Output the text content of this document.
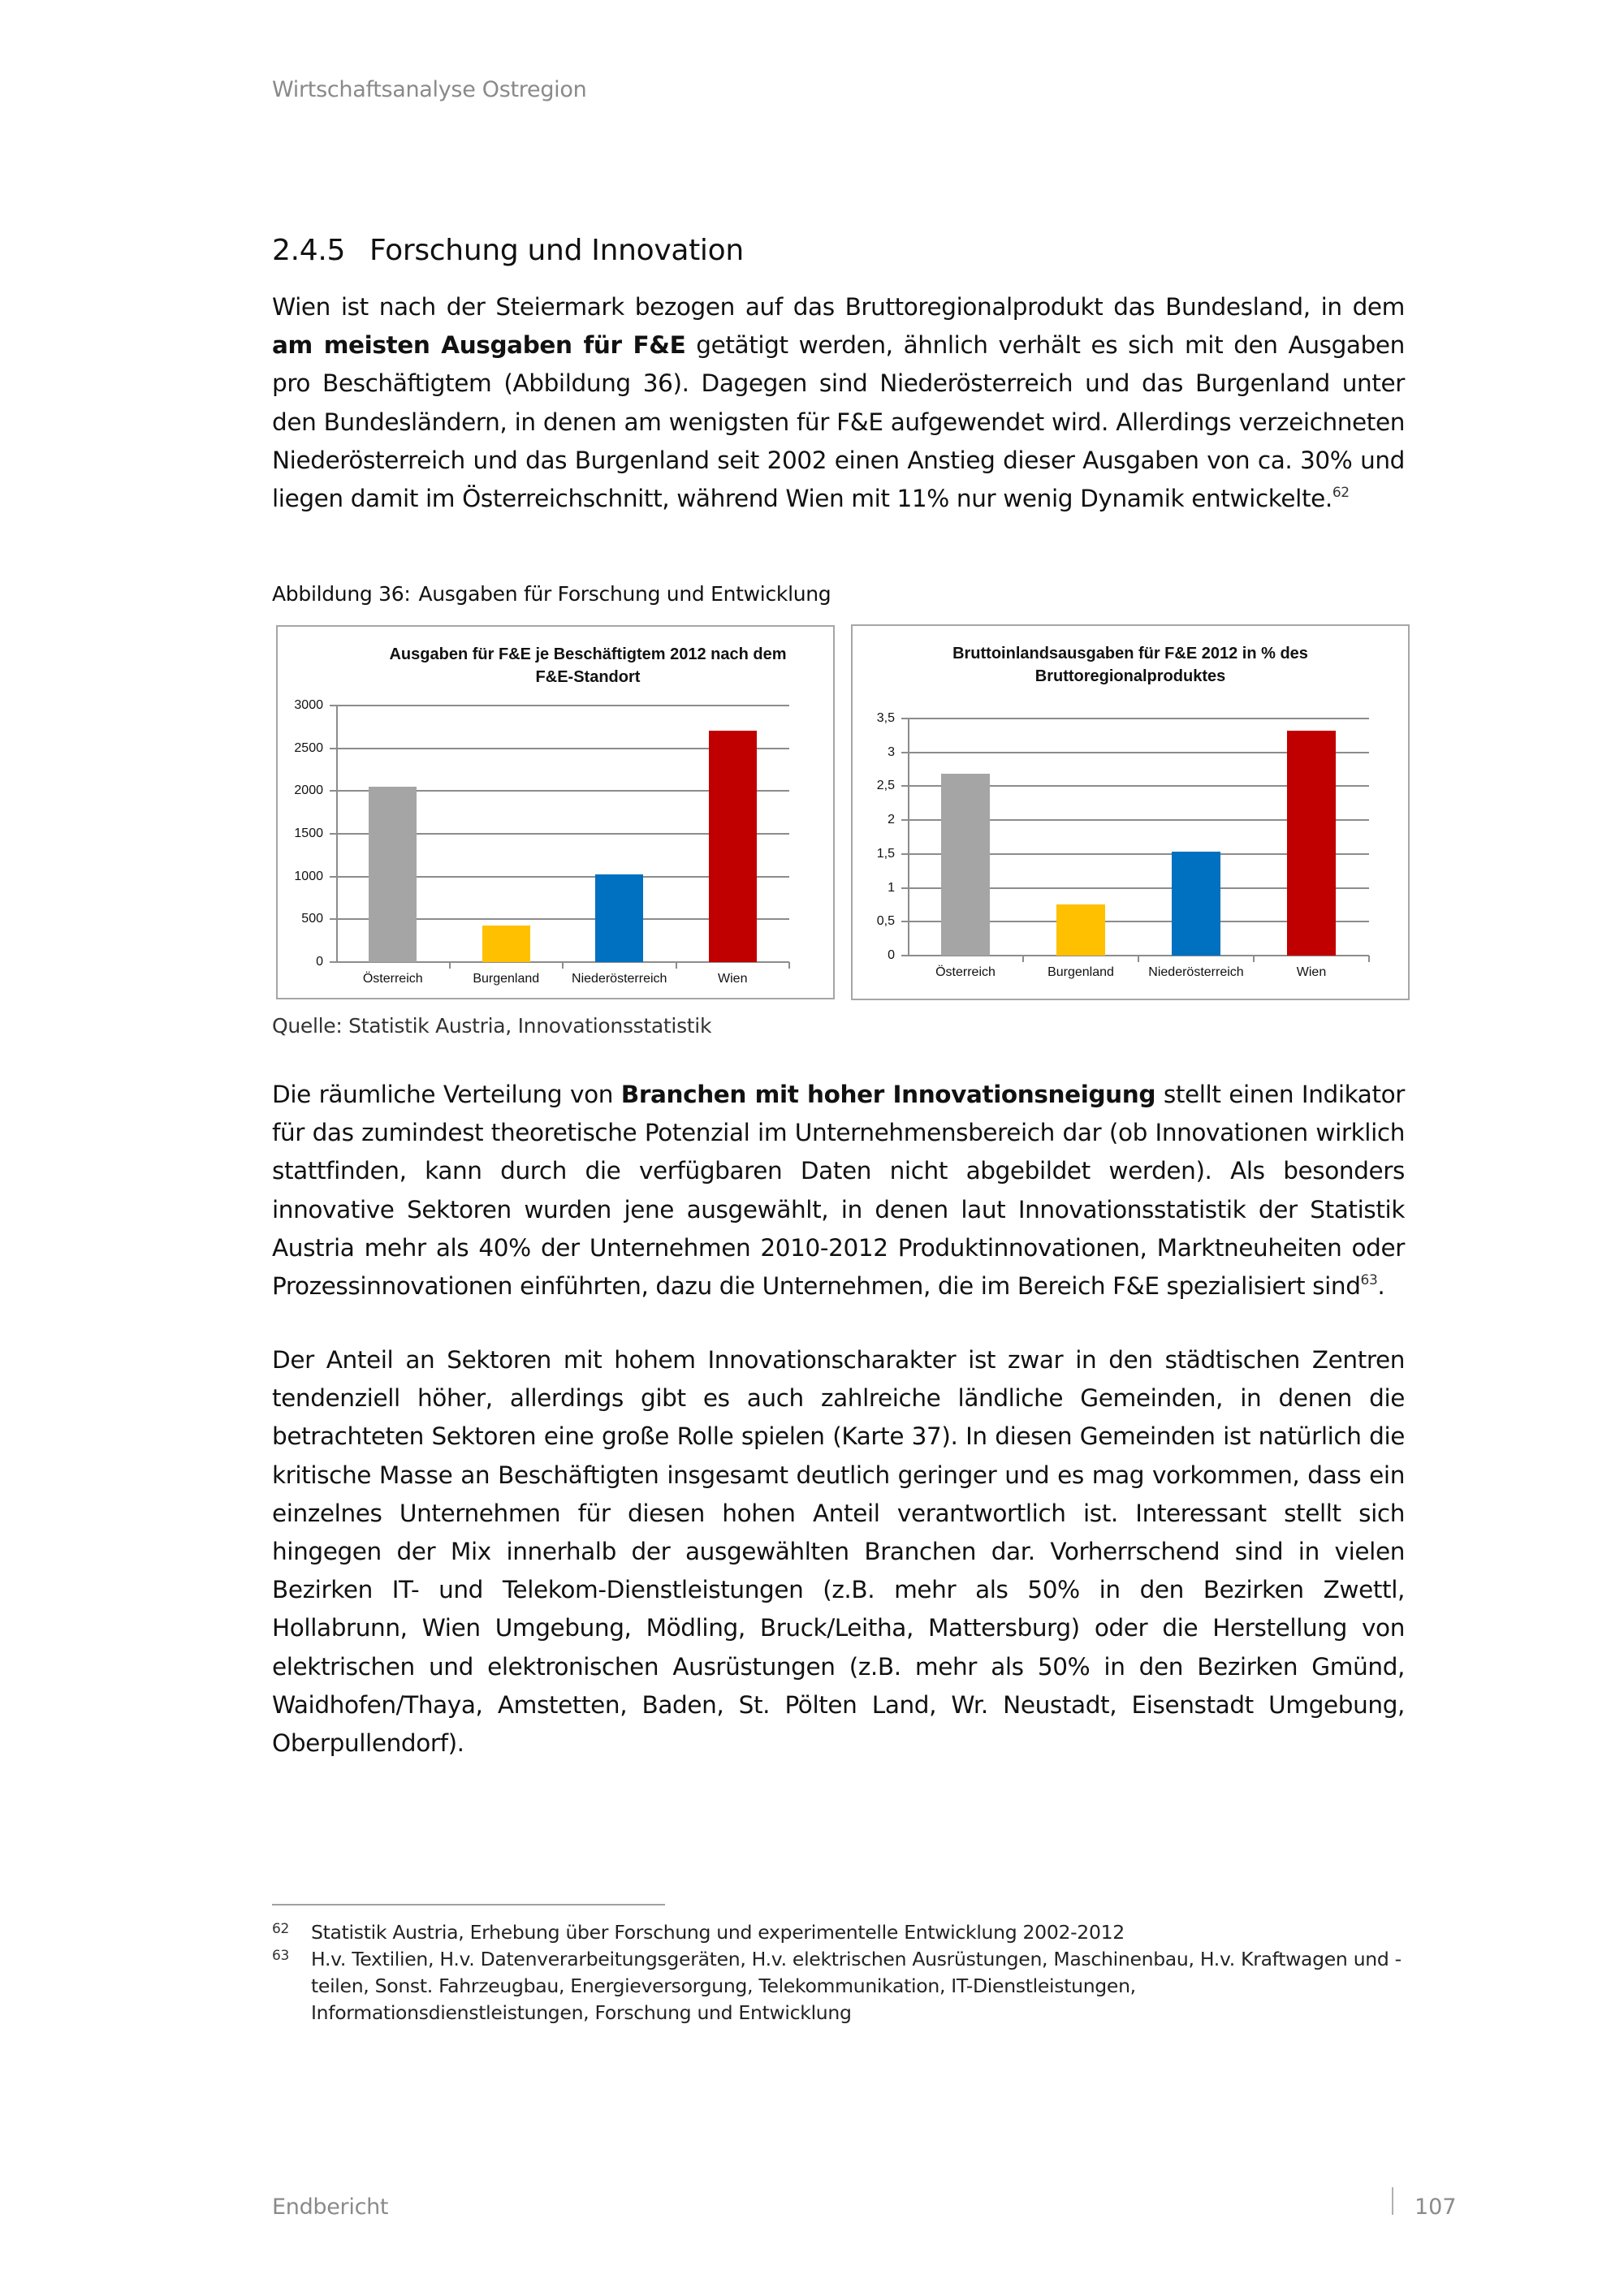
Wirtschaftsanalyse Ostregion
2.4.5 Forschung und Innovation

Wien ist nach der Steiermark bezogen auf das Bruttoregionalprodukt das Bundesland, in dem am meisten Ausgaben für F&E getätigt werden, ähnlich verhält es sich mit den Ausgaben pro Beschäftigtem (Abbildung 36). Dagegen sind Niederösterreich und das Burgenland unter den Bundesländern, in denen am wenigsten für F&E aufgewendet wird. Allerdings verzeichneten Niederösterreich und das Burgenland seit 2002 einen Anstieg dieser Ausgaben von ca. 30% und liegen damit im Österreichschnitt, während Wien mit 11% nur wenig Dynamik entwickelte.$^{62}$

Abbildung 36: Ausgaben für Forschung und Entwicklung
Ausgaben für F&E je Beschäftigtem 2012 nach dem
F&E-Standort
0
500
1000
1500
2000
2500
3000
Österreich	Burgenland	Niederösterreich	Wien
Bruttoinlandsausgaben für F&E 2012 in % des
Bruttoregionalproduktes
0
0,5
1
1,5
2
2,5
3
3,5
Österreich	Burgenland	Niederösterreich	Wien
Quelle: Statistik Austria, Innovationsstatistik

Die räumliche Verteilung von Branchen mit hoher Innovationsneigung stellt einen Indikator für das zumindest theoretische Potenzial im Unternehmensbereich dar (ob Innovationen wirklich stattfinden, kann durch die verfügbaren Daten nicht abgebildet werden). Als besonders innovative Sektoren wurden jene ausgewählt, in denen laut Innovationsstatistik der Statistik Austria mehr als 40% der Unternehmen 2010-2012 Produktinnovationen, Marktneuheiten oder Prozessinnovationen einführten, dazu die Unternehmen, die im Bereich F&E spezialisiert sind$^{63}$.

Der Anteil an Sektoren mit hohem Innovationscharakter ist zwar in den städtischen Zentren tendenziell höher, allerdings gibt es auch zahlreiche ländliche Gemeinden, in denen die betrachteten Sektoren eine große Rolle spielen (Karte 37). In diesen Gemeinden ist natürlich die kritische Masse an Beschäftigten insgesamt deutlich geringer und es mag vorkommen, dass ein einzelnes Unternehmen für diesen hohen Anteil verantwortlich ist. Interessant stellt sich hingegen der Mix innerhalb der ausgewählten Branchen dar. Vorherrschend sind in vielen Bezirken IT- und Telekom-Dienstleistungen (z.B. mehr als 50% in den Bezirken Zwettl, Hollabrunn, Wien Umgebung, Mödling, Bruck/Leitha, Mattersburg) oder die Herstellung von elektrischen und elektronischen Ausrüstungen (z.B. mehr als 50% in den Bezirken Gmünd, Waidhofen/Thaya, Amstetten, Baden, St. Pölten Land, Wr. Neustadt, Eisenstadt Umgebung, Oberpullendorf).

62 Statistik Austria, Erhebung über Forschung und experimentelle Entwicklung 2002-2012
63 H.v. Textilien, H.v. Datenverarbeitungsgeräten, H.v. elektrischen Ausrüstungen, Maschinenbau, H.v. Kraftwagen und -teilen, Sonst. Fahrzeugbau, Energieversorgung, Telekommunikation, IT-Dienstleistungen, Informationsdienstleistungen, Forschung und Entwicklung
Endbericht	107
